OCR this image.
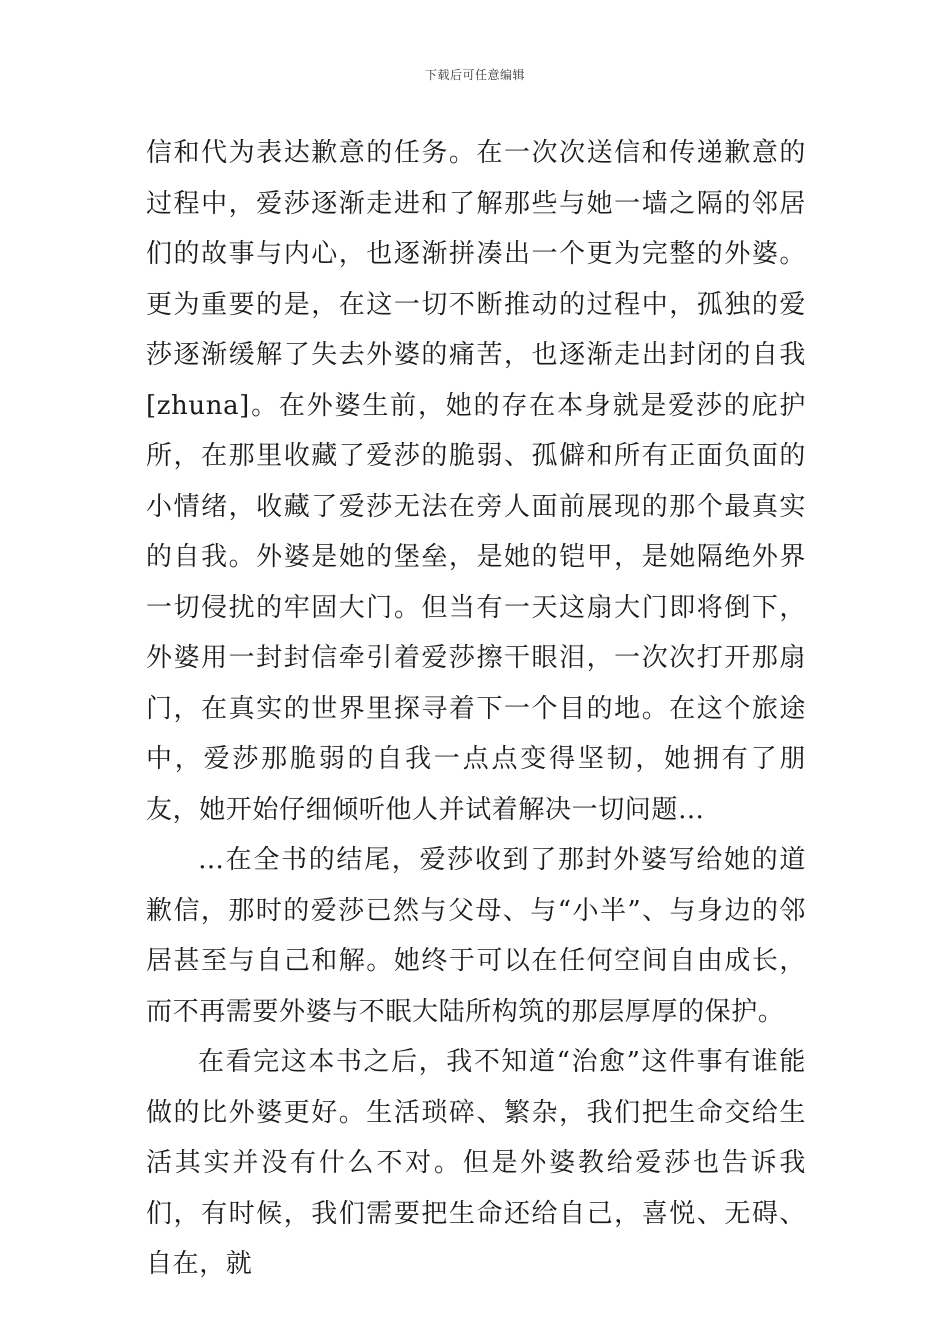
下载后可任意编辑

信和代为表达歉意的任务。在一次次送信和传递歉意的过程中，爱莎逐渐走进和了解那些与她一墙之隔的邻居们的故事与内心，也逐渐拼凑出一个更为完整的外婆。更为重要的是，在这一切不断推动的过程中，孤独的爱莎逐渐缓解了失去外婆的痛苦，也逐渐走出封闭的自我[zhuna]。在外婆生前，她的存在本身就是爱莎的庇护所，在那里收藏了爱莎的脆弱、孤僻和所有正面负面的小情绪，收藏了爱莎无法在旁人面前展现的那个最真实的自我。外婆是她的堡垒，是她的铠甲，是她隔绝外界一切侵扰的牢固大门。但当有一天这扇大门即将倒下，外婆用一封封信牵引着爱莎擦干眼泪，一次次打开那扇门，在真实的世界里探寻着下一个目的地。在这个旅途中，爱莎那脆弱的自我一点点变得坚韧，她拥有了朋友，她开始仔细倾听他人并试着解决一切问题…

…在全书的结尾，爱莎收到了那封外婆写给她的道歉信，那时的爱莎已然与父母、与“小半”、与身边的邻居甚至与自己和解。她终于可以在任何空间自由成长，而不再需要外婆与不眠大陆所构筑的那层厚厚的保护。

在看完这本书之后，我不知道“治愈”这件事有谁能做的比外婆更好。生活琐碎、繁杂，我们把生命交给生活其实并没有什么不对。但是外婆教给爱莎也告诉我们，有时候，我们需要把生命还给自己，喜悦、无碍、自在，就
